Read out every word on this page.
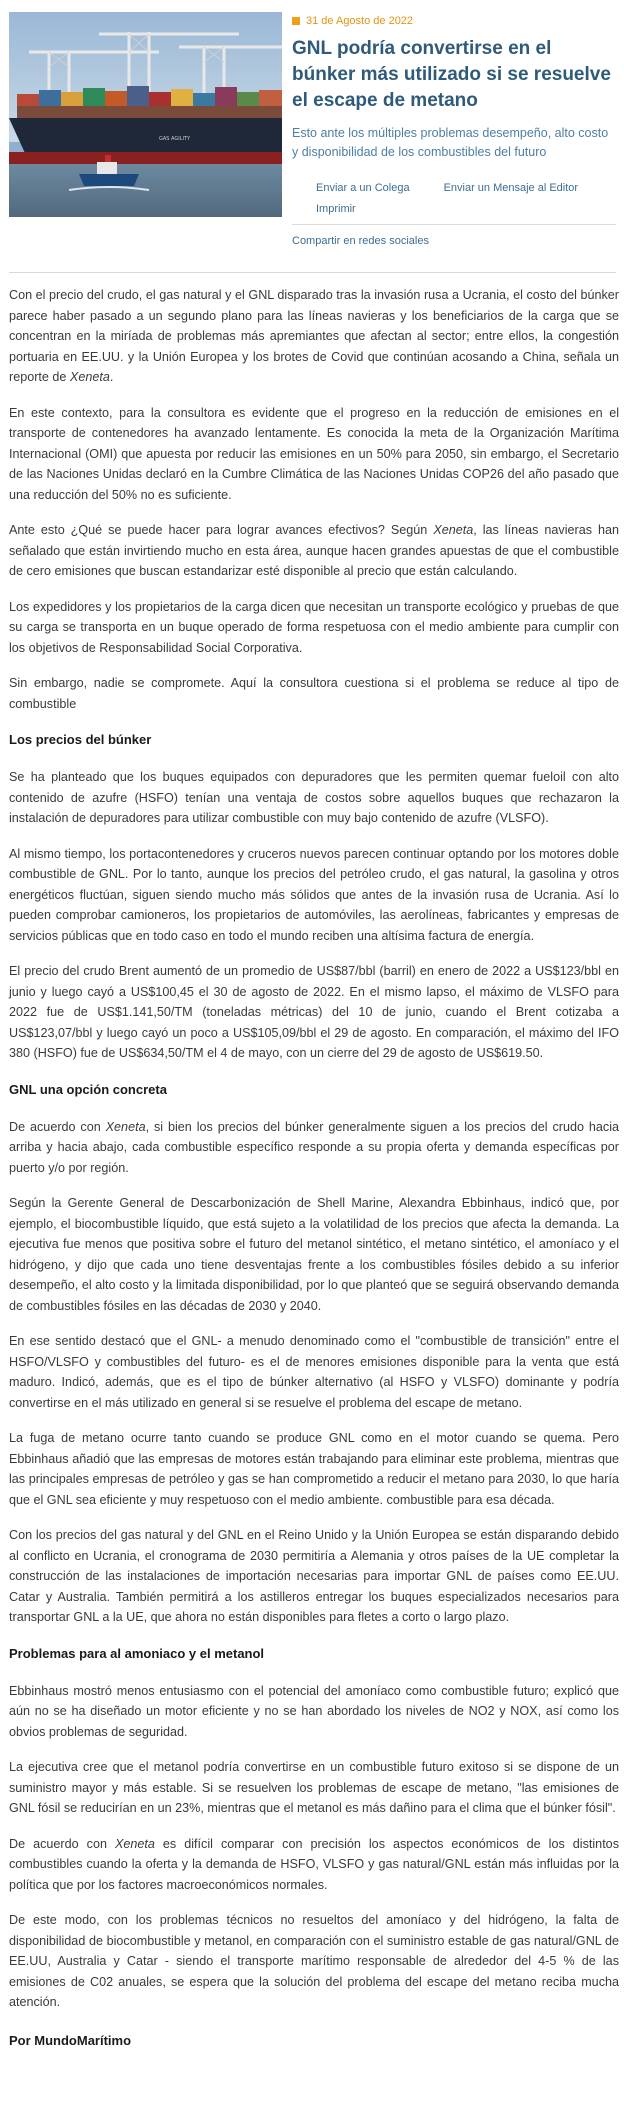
GAS AGILITY
31 de Agosto de 2022
GNL podría convertirse en el búnker más utilizado si se resuelve el escape de metano

Esto ante los múltiples problemas desempeño, alto costo y disponibilidad de los combustibles del futuro

Enviar a un Colega	Enviar un Mensaje al Editor
Imprimir
Compartir en redes sociales

Con el precio del crudo, el gas natural y el GNL disparado tras la invasión rusa a Ucrania, el costo del búnker parece haber pasado a un segundo plano para las líneas navieras y los beneficiarios de la carga que se concentran en la miríada de problemas más apremiantes que afectan al sector; entre ellos, la congestión portuaria en EE.UU. y la Unión Europea y los brotes de Covid que continúan acosando a China, señala un reporte de Xeneta.

En este contexto, para la consultora es evidente que el progreso en la reducción de emisiones en el transporte de contenedores ha avanzado lentamente. Es conocida la meta de la Organización Marítima Internacional (OMI) que apuesta por reducir las emisiones en un 50% para 2050, sin embargo, el Secretario de las Naciones Unidas declaró en la Cumbre Climática de las Naciones Unidas COP26 del año pasado que una reducción del 50% no es suficiente.

Ante esto ¿Qué se puede hacer para lograr avances efectivos? Según Xeneta, las líneas navieras han señalado que están invirtiendo mucho en esta área, aunque hacen grandes apuestas de que el combustible de cero emisiones que buscan estandarizar esté disponible al precio que están calculando.

Los expedidores y los propietarios de la carga dicen que necesitan un transporte ecológico y pruebas de que su carga se transporta en un buque operado de forma respetuosa con el medio ambiente para cumplir con los objetivos de Responsabilidad Social Corporativa.

Sin embargo, nadie se compromete. Aquí la consultora cuestiona si el problema se reduce al tipo de combustible

Los precios del búnker

Se ha planteado que los buques equipados con depuradores que les permiten quemar fueloil con alto contenido de azufre (HSFO) tenían una ventaja de costos sobre aquellos buques que rechazaron la instalación de depuradores para utilizar combustible con muy bajo contenido de azufre (VLSFO).

Al mismo tiempo, los portacontenedores y cruceros nuevos parecen continuar optando por los motores doble combustible de GNL. Por lo tanto, aunque los precios del petróleo crudo, el gas natural, la gasolina y otros energéticos fluctúan, siguen siendo mucho más sólidos que antes de la invasión rusa de Ucrania. Así lo pueden comprobar camioneros, los propietarios de automóviles, las aerolíneas, fabricantes y empresas de servicios públicas que en todo caso en todo el mundo reciben una altísima factura de energía.

El precio del crudo Brent aumentó de un promedio de US$87/bbl (barril) en enero de 2022 a US$123/bbl en junio y luego cayó a US$100,45 el 30 de agosto de 2022. En el mismo lapso, el máximo de VLSFO para 2022 fue de US$1.141,50/TM (toneladas métricas) del 10 de junio, cuando el Brent cotizaba a US$123,07/bbl y luego cayó un poco a US$105,09/bbl el 29 de agosto. En comparación, el máximo del IFO 380 (HSFO) fue de US$634,50/TM el 4 de mayo, con un cierre del 29 de agosto de US$619.50.

GNL una opción concreta

De acuerdo con Xeneta, si bien los precios del búnker generalmente siguen a los precios del crudo hacia arriba y hacia abajo, cada combustible específico responde a su propia oferta y demanda específicas por puerto y/o por región.

Según la Gerente General de Descarbonización de Shell Marine, Alexandra Ebbinhaus, indicó que, por ejemplo, el biocombustible líquido, que está sujeto a la volatilidad de los precios que afecta la demanda. La ejecutiva fue menos que positiva sobre el futuro del metanol sintético, el metano sintético, el amoníaco y el hidrógeno, y dijo que cada uno tiene desventajas frente a los combustibles fósiles debido a su inferior desempeño, el alto costo y la limitada disponibilidad, por lo que planteó que se seguirá observando demanda de combustibles fósiles en las décadas de 2030 y 2040.

En ese sentido destacó que el GNL- a menudo denominado como el "combustible de transición" entre el HSFO/VLSFO y combustibles del futuro- es el de menores emisiones disponible para la venta que está maduro. Indicó, además, que es el tipo de búnker alternativo (al HSFO y VLSFO) dominante y podría convertirse en el más utilizado en general si se resuelve el problema del escape de metano.

La fuga de metano ocurre tanto cuando se produce GNL como en el motor cuando se quema. Pero Ebbinhaus añadió que las empresas de motores están trabajando para eliminar este problema, mientras que las principales empresas de petróleo y gas se han comprometido a reducir el metano para 2030, lo que haría que el GNL sea eficiente y muy respetuoso con el medio ambiente. combustible para esa década.

Con los precios del gas natural y del GNL en el Reino Unido y la Unión Europea se están disparando debido al conflicto en Ucrania, el cronograma de 2030 permitiría a Alemania y otros países de la UE completar la construcción de las instalaciones de importación necesarias para importar GNL de países como EE.UU. Catar y Australia. También permitirá a los astilleros entregar los buques especializados necesarios para transportar GNL a la UE, que ahora no están disponibles para fletes a corto o largo plazo.

Problemas para al amoniaco y el metanol

Ebbinhaus mostró menos entusiasmo con el potencial del amoníaco como combustible futuro; explicó que aún no se ha diseñado un motor eficiente y no se han abordado los niveles de NO2 y NOX, así como los obvios problemas de seguridad.

La ejecutiva cree que el metanol podría convertirse en un combustible futuro exitoso si se dispone de un suministro mayor y más estable. Si se resuelven los problemas de escape de metano, "las emisiones de GNL fósil se reducirían en un 23%, mientras que el metanol es más dañino para el clima que el búnker fósil".

De acuerdo con Xeneta es difícil comparar con precisión los aspectos económicos de los distintos combustibles cuando la oferta y la demanda de HSFO, VLSFO y gas natural/GNL están más influidas por la política que por los factores macroeconómicos normales.

De este modo, con los problemas técnicos no resueltos del amoníaco y del hidrógeno, la falta de disponibilidad de biocombustible y metanol, en comparación con el suministro estable de gas natural/GNL de EE.UU, Australia y Catar - siendo el transporte marítimo responsable de alrededor del 4-5 % de las emisiones de C02 anuales, se espera que la solución del problema del escape del metano reciba mucha atención.

Por MundoMarítimo
